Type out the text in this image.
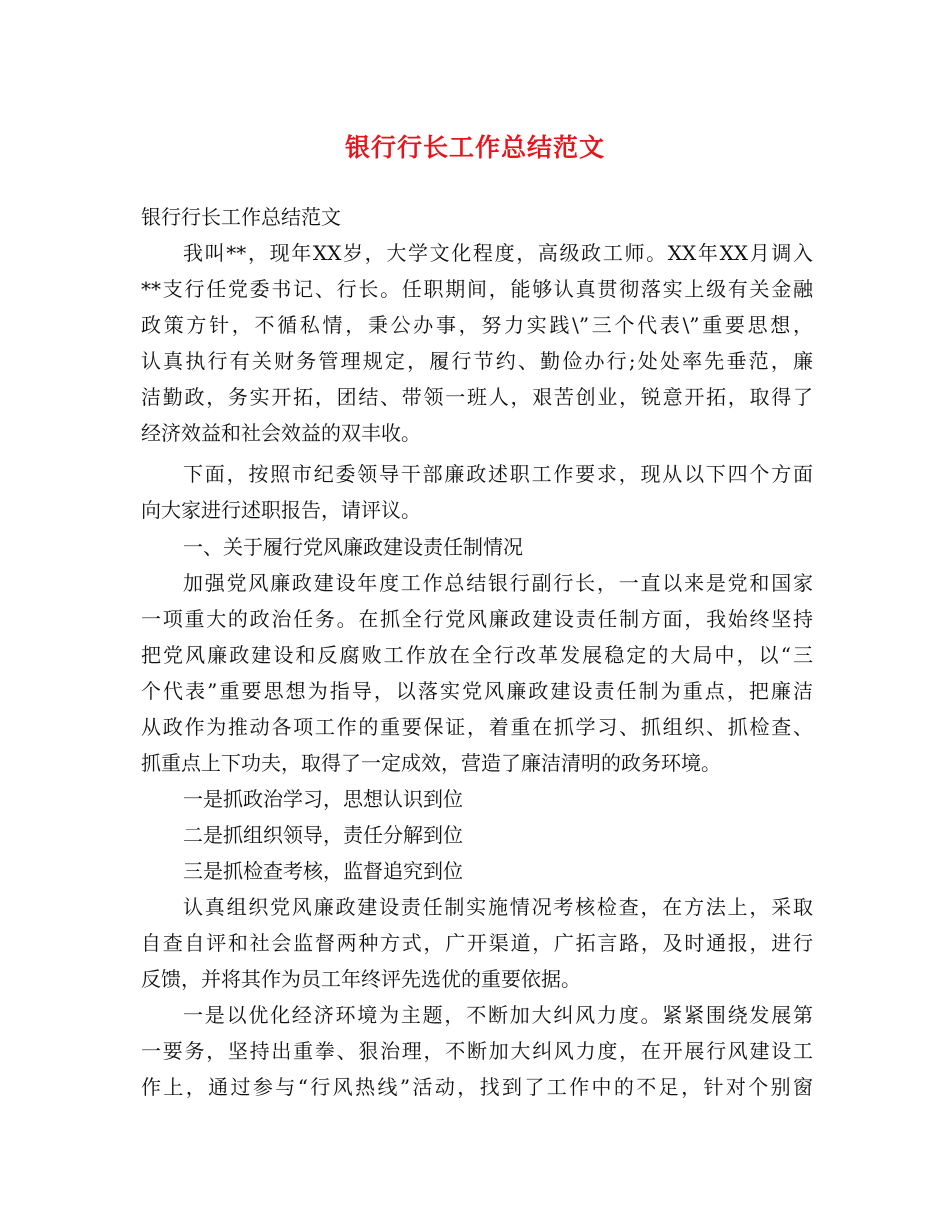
银行行长工作总结范文
银行行长工作总结范文
我叫**，现年XX岁，大学文化程度，高级政工师。XX年XX月调入
**支行任党委书记、行长。任职期间，能够认真贯彻落实上级有关金融
政策方针，不循私情，秉公办事，努力实践\”三个代表\”重要思想，
认真执行有关财务管理规定，履行节约、勤俭办行;处处率先垂范，廉
洁勤政，务实开拓，团结、带领一班人，艰苦创业，锐意开拓，取得了
经济效益和社会效益的双丰收。
下面，按照市纪委领导干部廉政述职工作要求，现从以下四个方面
向大家进行述职报告，请评议。
一、关于履行党风廉政建设责任制情况
加强党风廉政建设年度工作总结银行副行长，一直以来是党和国家
一项重大的政治任务。在抓全行党风廉政建设责任制方面，我始终坚持
把党风廉政建设和反腐败工作放在全行改革发展稳定的大局中，以“三
个代表”重要思想为指导，以落实党风廉政建设责任制为重点，把廉洁
从政作为推动各项工作的重要保证，着重在抓学习、抓组织、抓检查、
抓重点上下功夫，取得了一定成效，营造了廉洁清明的政务环境。
一是抓政治学习，思想认识到位
二是抓组织领导，责任分解到位
三是抓检查考核，监督追究到位
认真组织党风廉政建设责任制实施情况考核检查，在方法上，采取
自查自评和社会监督两种方式，广开渠道，广拓言路，及时通报，进行
反馈，并将其作为员工年终评先选优的重要依据。
一是以优化经济环境为主题，不断加大纠风力度。紧紧围绕发展第
一要务，坚持出重拳、狠治理，不断加大纠风力度，在开展行风建设工
作上，通过参与“行风热线”活动，找到了工作中的不足，针对个别窗
